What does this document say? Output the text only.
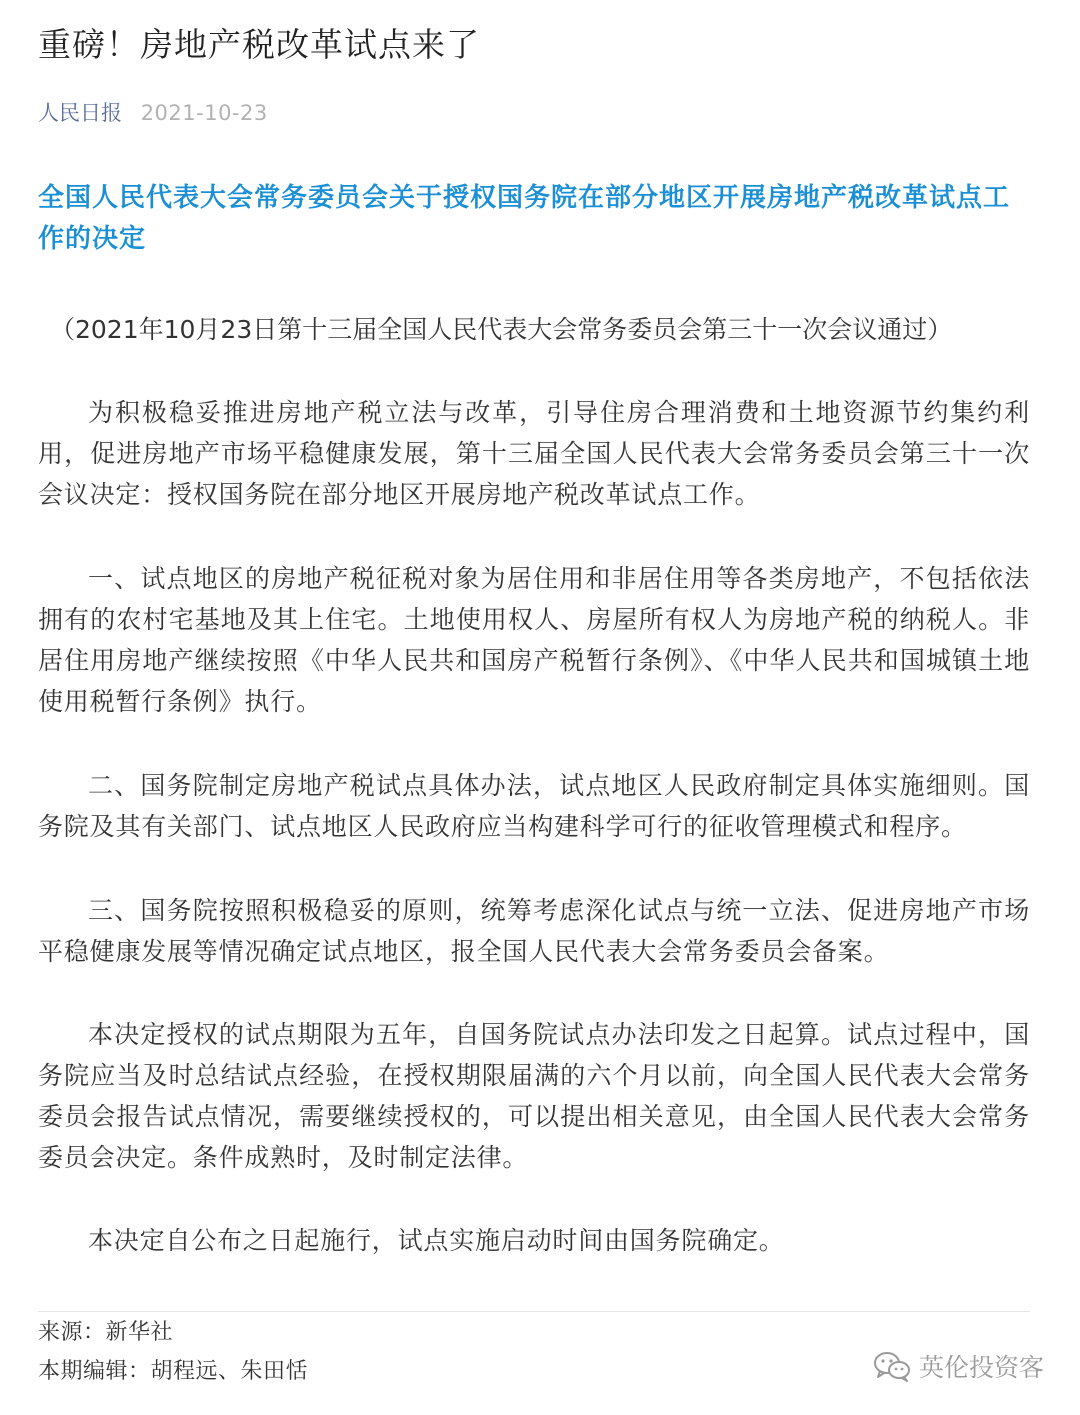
重磅！房地产税改革试点来了
人民日报 2021-10-23
全国人民代表大会常务委员会关于授权国务院在部分地区开展房地产税改革试点工作的决定
（2021年10月23日第十三届全国人民代表大会常务委员会第三十一次会议通过）

为积极稳妥推进房地产税立法与改革，引导住房合理消费和土地资源节约集约利用，促进房地产市场平稳健康发展，第十三届全国人民代表大会常务委员会第三十一次会议决定：授权国务院在部分地区开展房地产税改革试点工作。

一、试点地区的房地产税征税对象为居住用和非居住用等各类房地产，不包括依法拥有的农村宅基地及其上住宅。土地使用权人、房屋所有权人为房地产税的纳税人。非居住用房地产继续按照《中华人民共和国房产税暂行条例》、《中华人民共和国城镇土地使用税暂行条例》执行。

二、国务院制定房地产税试点具体办法，试点地区人民政府制定具体实施细则。国务院及其有关部门、试点地区人民政府应当构建科学可行的征收管理模式和程序。

三、国务院按照积极稳妥的原则，统筹考虑深化试点与统一立法、促进房地产市场平稳健康发展等情况确定试点地区，报全国人民代表大会常务委员会备案。

本决定授权的试点期限为五年，自国务院试点办法印发之日起算。试点过程中，国务院应当及时总结试点经验，在授权期限届满的六个月以前，向全国人民代表大会常务委员会报告试点情况，需要继续授权的，可以提出相关意见，由全国人民代表大会常务委员会决定。条件成熟时，及时制定法律。

本决定自公布之日起施行，试点实施启动时间由国务院确定。

来源：新华社
本期编辑：胡程远、朱田恬	英伦投资客
